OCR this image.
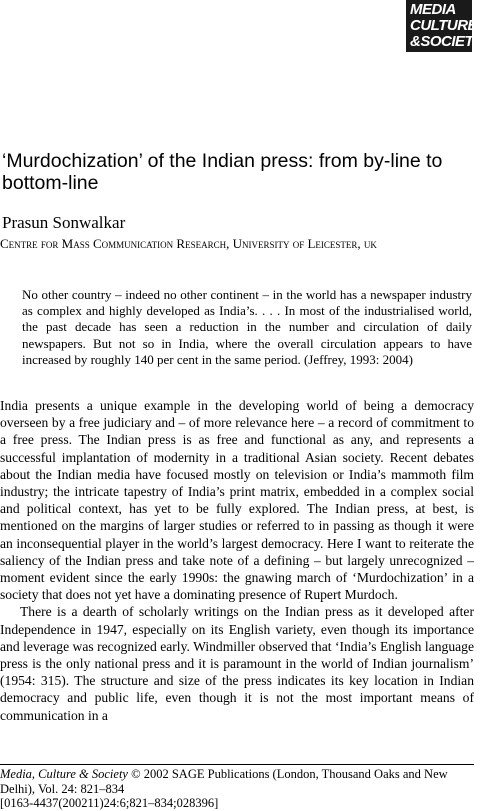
MEDIA
CULTURE
&SOCIETY
‘Murdochization’ of the Indian press: from by-line to bottom-line

Prasun Sonwalkar

Centre for Mass Communication Research, University of Leicester, uk

No other country – indeed no other continent – in the world has a newspaper industry as complex and highly developed as India’s. . . . In most of the industrialised world, the past decade has seen a reduction in the number and circulation of daily newspapers. But not so in India, where the overall circulation appears to have increased by roughly 140 per cent in the same period. (Jeffrey, 1993: 2004)

India presents a unique example in the developing world of being a democracy overseen by a free judiciary and – of more relevance here – a record of commitment to a free press. The Indian press is as free and functional as any, and represents a successful implantation of modernity in a traditional Asian society. Recent debates about the Indian media have focused mostly on television or India’s mammoth film industry; the intricate tapestry of India’s print matrix, embedded in a complex social and political context, has yet to be fully explored. The Indian press, at best, is mentioned on the margins of larger studies or referred to in passing as though it were an inconsequential player in the world’s largest democracy. Here I want to reiterate the saliency of the Indian press and take note of a defining – but largely unrecognized – moment evident since the early 1990s: the gnawing march of ‘Murdochization’ in a society that does not yet have a dominating presence of Rupert Murdoch.

There is a dearth of scholarly writings on the Indian press as it developed after Independence in 1947, especially on its English variety, even though its importance and leverage was recognized early. Windmiller observed that ‘India’s English language press is the only national press and it is paramount in the world of Indian journalism’ (1954: 315). The structure and size of the press indicates its key location in Indian democracy and public life, even though it is not the most important means of communication in a

Media, Culture & Society © 2002 SAGE Publications (London, Thousand Oaks and New Delhi), Vol. 24: 821–834
[0163-4437(200211)24:6;821–834;028396]
